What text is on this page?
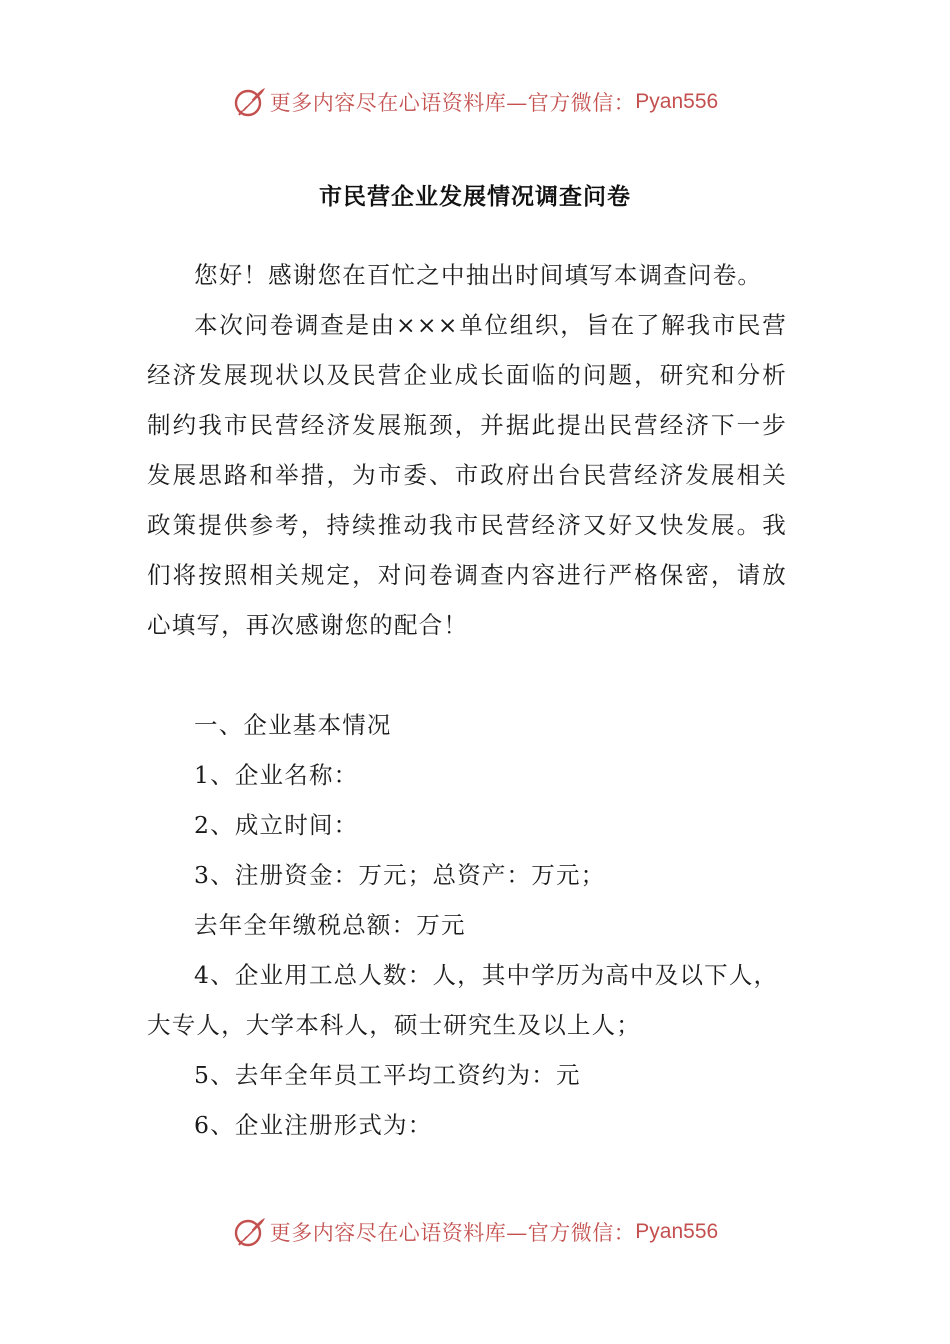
更多内容尽在心语资料库—官方微信： Pyan556
市民营企业发展情况调查问卷

您好！感谢您在百忙之中抽出时间填写本调查问卷。

本次问卷调查是由×××单位组织，旨在了解我市民营经济发展现状以及民营企业成长面临的问题，研究和分析制约我市民营经济发展瓶颈，并据此提出民营经济下一步发展思路和举措，为市委、市政府出台民营经济发展相关政策提供参考，持续推动我市民营经济又好又快发展。我们将按照相关规定，对问卷调查内容进行严格保密，请放心填写，再次感谢您的配合！

一、企业基本情况

1、企业名称：

2、成立时间：

3、注册资金：万元；总资产：万元；

去年全年缴税总额：万元

4、企业用工总人数：人，其中学历为高中及以下人，大专人，大学本科人，硕士研究生及以上人；

5、去年全年员工平均工资约为：元

6、企业注册形式为：

更多内容尽在心语资料库—官方微信： Pyan556
